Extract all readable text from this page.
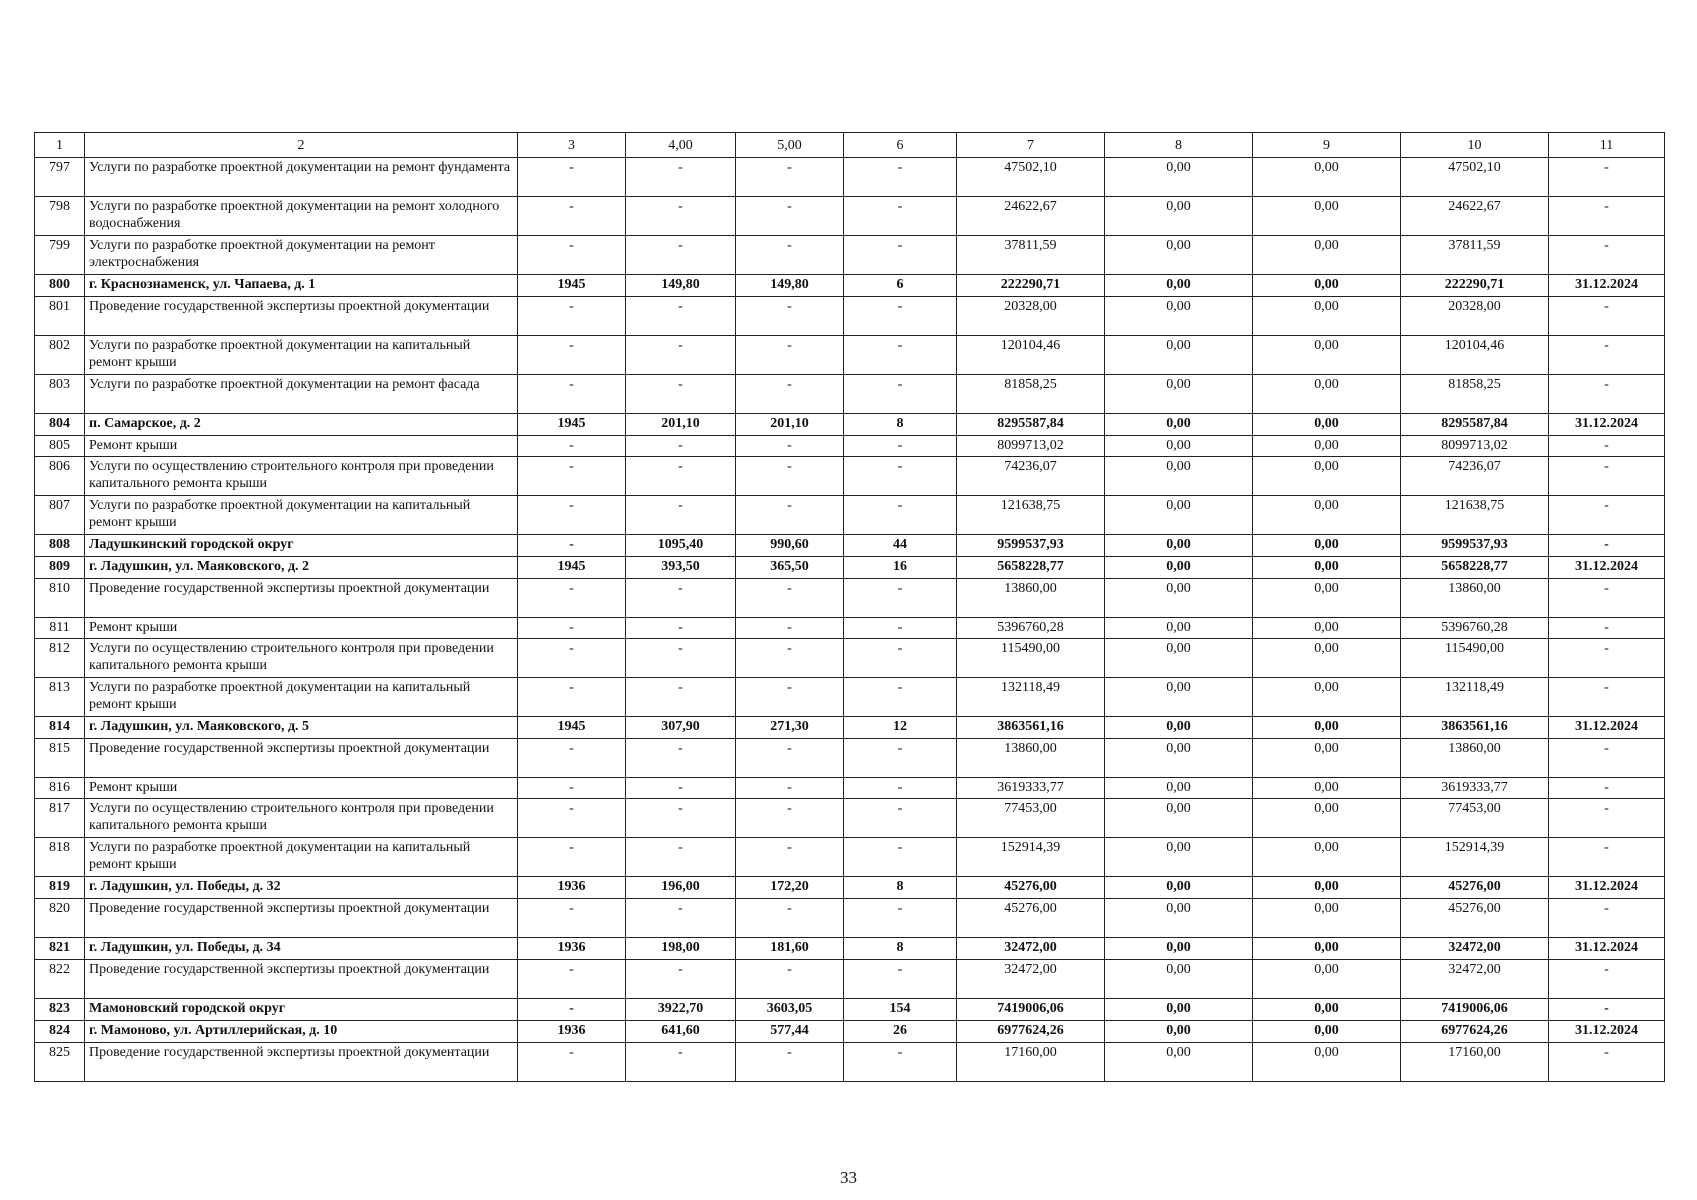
1	2	3	4,00	5,00	6	7	8	9	10	11
797	Услуги по разработке проектной документации на ремонт фундамента	-	-	-	-	47502,10	0,00	0,00	47502,10	-
798	Услуги по разработке проектной документации на ремонт холодного водоснабжения	-	-	-	-	24622,67	0,00	0,00	24622,67	-
799	Услуги по разработке проектной документации на ремонт электроснабжения	-	-	-	-	37811,59	0,00	0,00	37811,59	-
800	г. Краснознаменск, ул. Чапаева, д. 1	1945	149,80	149,80	6	222290,71	0,00	0,00	222290,71	31.12.2024
801	Проведение государственной экспертизы проектной документации	-	-	-	-	20328,00	0,00	0,00	20328,00	-
802	Услуги по разработке проектной документации на капитальный ремонт крыши	-	-	-	-	120104,46	0,00	0,00	120104,46	-
803	Услуги по разработке проектной документации на ремонт фасада	-	-	-	-	81858,25	0,00	0,00	81858,25	-
804	п. Самарское, д. 2	1945	201,10	201,10	8	8295587,84	0,00	0,00	8295587,84	31.12.2024
805	Ремонт крыши	-	-	-	-	8099713,02	0,00	0,00	8099713,02	-
806	Услуги по осуществлению строительного контроля при проведении капитального ремонта крыши	-	-	-	-	74236,07	0,00	0,00	74236,07	-
807	Услуги по разработке проектной документации на капитальный ремонт крыши	-	-	-	-	121638,75	0,00	0,00	121638,75	-
808	Ладушкинский городской округ	-	1095,40	990,60	44	9599537,93	0,00	0,00	9599537,93	-
809	г. Ладушкин, ул. Маяковского, д. 2	1945	393,50	365,50	16	5658228,77	0,00	0,00	5658228,77	31.12.2024
810	Проведение государственной экспертизы проектной документации	-	-	-	-	13860,00	0,00	0,00	13860,00	-
811	Ремонт крыши	-	-	-	-	5396760,28	0,00	0,00	5396760,28	-
812	Услуги по осуществлению строительного контроля при проведении капитального ремонта крыши	-	-	-	-	115490,00	0,00	0,00	115490,00	-
813	Услуги по разработке проектной документации на капитальный ремонт крыши	-	-	-	-	132118,49	0,00	0,00	132118,49	-
814	г. Ладушкин, ул. Маяковского, д. 5	1945	307,90	271,30	12	3863561,16	0,00	0,00	3863561,16	31.12.2024
815	Проведение государственной экспертизы проектной документации	-	-	-	-	13860,00	0,00	0,00	13860,00	-
816	Ремонт крыши	-	-	-	-	3619333,77	0,00	0,00	3619333,77	-
817	Услуги по осуществлению строительного контроля при проведении капитального ремонта крыши	-	-	-	-	77453,00	0,00	0,00	77453,00	-
818	Услуги по разработке проектной документации на капитальный ремонт крыши	-	-	-	-	152914,39	0,00	0,00	152914,39	-
819	г. Ладушкин, ул. Победы, д. 32	1936	196,00	172,20	8	45276,00	0,00	0,00	45276,00	31.12.2024
820	Проведение государственной экспертизы проектной документации	-	-	-	-	45276,00	0,00	0,00	45276,00	-
821	г. Ладушкин, ул. Победы, д. 34	1936	198,00	181,60	8	32472,00	0,00	0,00	32472,00	31.12.2024
822	Проведение государственной экспертизы проектной документации	-	-	-	-	32472,00	0,00	0,00	32472,00	-
823	Мамоновский городской округ	-	3922,70	3603,05	154	7419006,06	0,00	0,00	7419006,06	-
824	г. Мамоново, ул. Артиллерийская, д. 10	1936	641,60	577,44	26	6977624,26	0,00	0,00	6977624,26	31.12.2024
825	Проведение государственной экспертизы проектной документации	-	-	-	-	17160,00	0,00	0,00	17160,00	-
33
